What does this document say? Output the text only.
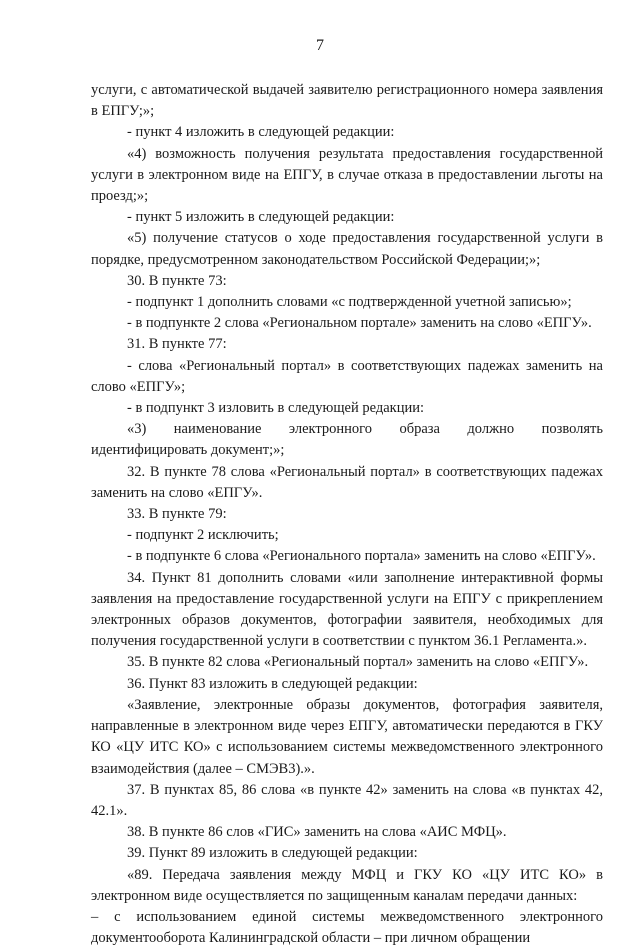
7

услуги, с автоматической выдачей заявителю регистрационного номера заявления в ЕПГУ;»;

- пункт 4 изложить в следующей редакции:

«4) возможность получения результата предоставления государственной услуги в электронном виде на ЕПГУ, в случае отказа в предоставлении льготы на проезд;»;

- пункт 5 изложить в следующей редакции:

«5) получение статусов о ходе предоставления государственной услуги в порядке, предусмотренном законодательством Российской Федерации;»;

30. В пункте 73:

- подпункт 1 дополнить словами «с подтвержденной учетной записью»;

- в подпункте 2 слова «Региональном портале» заменить на слово «ЕПГУ».

31. В пункте 77:

- слова «Региональный портал» в соответствующих падежах заменить на слово «ЕПГУ»;

- в подпункт 3 изловить в следующей редакции:

«3) наименование электронного образа должно позволять идентифицировать документ;»;

32. В пункте 78 слова «Региональный портал» в соответствующих падежах заменить на слово «ЕПГУ».

33. В пункте 79:

- подпункт 2 исключить;

- в подпункте 6 слова «Регионального портала» заменить на слово «ЕПГУ».

34. Пункт 81 дополнить словами «или заполнение интерактивной формы заявления на предоставление государственной услуги на ЕПГУ с прикреплением электронных образов документов, фотографии заявителя, необходимых для получения государственной услуги в соответствии с пунктом 36.1 Регламента.».

35. В пункте 82 слова «Региональный портал» заменить на слово «ЕПГУ».

36. Пункт 83 изложить в следующей редакции:

«Заявление, электронные образы документов, фотография заявителя, направленные в электронном виде через ЕПГУ, автоматически передаются в ГКУ КО «ЦУ ИТС КО» с использованием системы межведомственного электронного взаимодействия (далее – СМЭВ3).».

37. В пунктах 85, 86 слова «в пункте 42» заменить на слова «в пунктах 42, 42.1».

38. В пункте 86 слов «ГИС» заменить на слова «АИС МФЦ».

39. Пункт 89 изложить в следующей редакции:

«89. Передача заявления между МФЦ и ГКУ КО «ЦУ ИТС КО» в электронном виде осуществляется по защищенным каналам передачи данных:

– с использованием единой системы межведомственного электронного документооборота Калининградской области – при личном обращении
